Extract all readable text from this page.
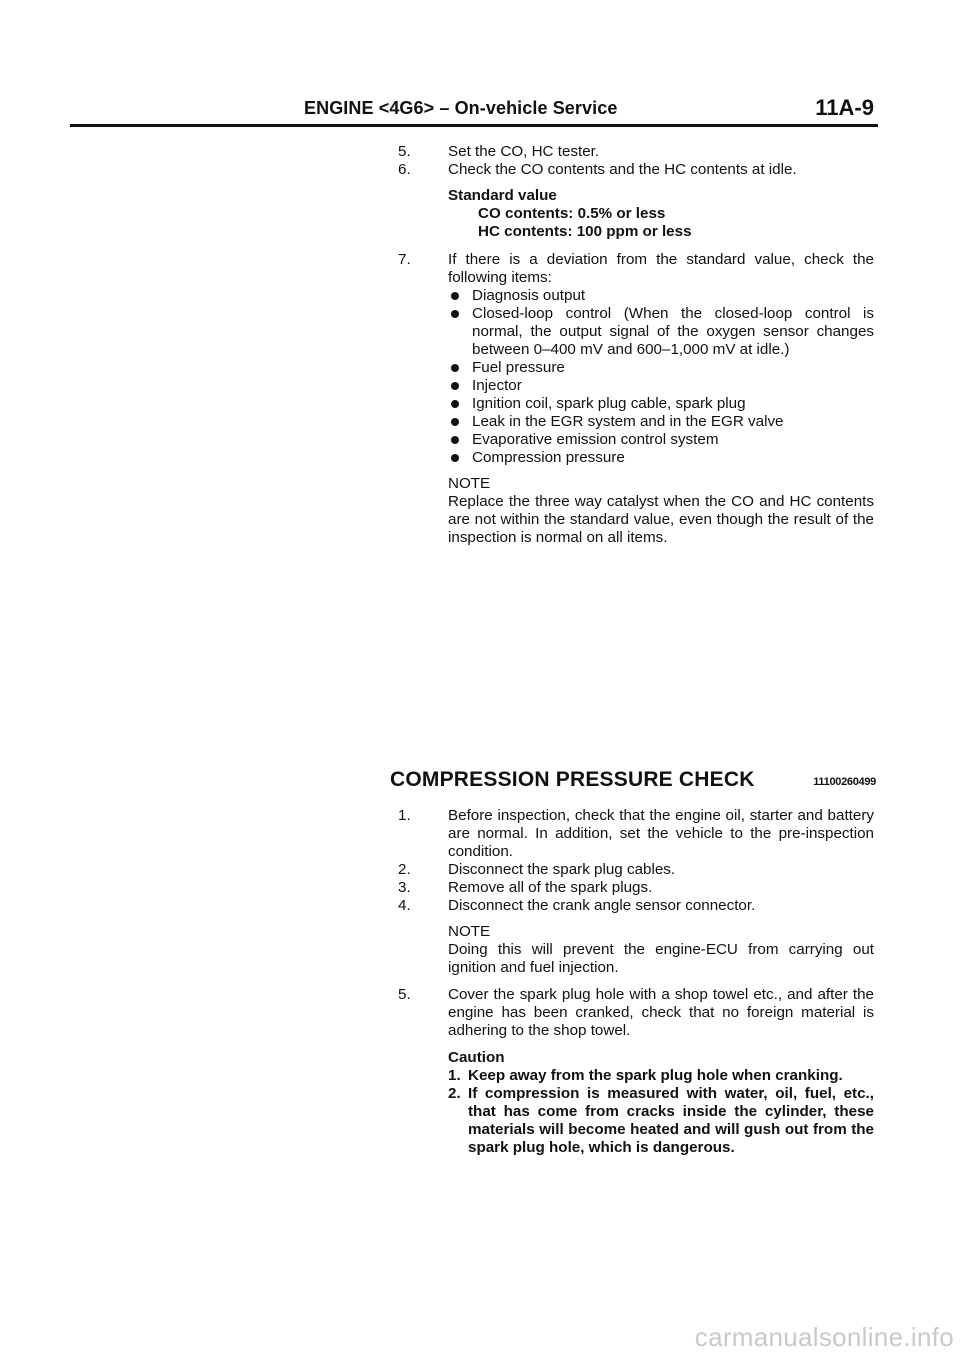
ENGINE <4G6> – On-vehicle Service	11A-9
5.	Set the CO, HC tester.

6.	Check the CO contents and the HC contents at idle.

Standard value
CO contents: 0.5% or less
HC contents: 100 ppm or less
7.	If there is a deviation from the standard value, check the following items:

Diagnosis output
Closed-loop control (When the closed-loop control is normal, the output signal of the oxygen sensor changes between 0–400 mV and 600–1,000 mV at idle.)
Fuel pressure
Injector
Ignition coil, spark plug cable, spark plug
Leak in the EGR system and in the EGR valve
Evaporative emission control system
Compression pressure
NOTE

Replace the three way catalyst when the CO and HC contents are not within the standard value, even though the result of the inspection is normal on all items.

COMPRESSION PRESSURE CHECK	11100260499
1.	Before inspection, check that the engine oil, starter and battery are normal. In addition, set the vehicle to the pre-inspection condition.

2.	Disconnect the spark plug cables.

3.	Remove all of the spark plugs.

4.	Disconnect the crank angle sensor connector.

NOTE

Doing this will prevent the engine-ECU from carrying out ignition and fuel injection.

5.	Cover the spark plug hole with a shop towel etc., and after the engine has been cranked, check that no foreign material is adhering to the shop towel.

Caution
1. Keep away from the spark plug hole when cranking.
2. If compression is measured with water, oil, fuel, etc., that has come from cracks inside the cylinder, these materials will become heated and will gush out from the spark plug hole, which is dangerous.
carmanualsonline.info
